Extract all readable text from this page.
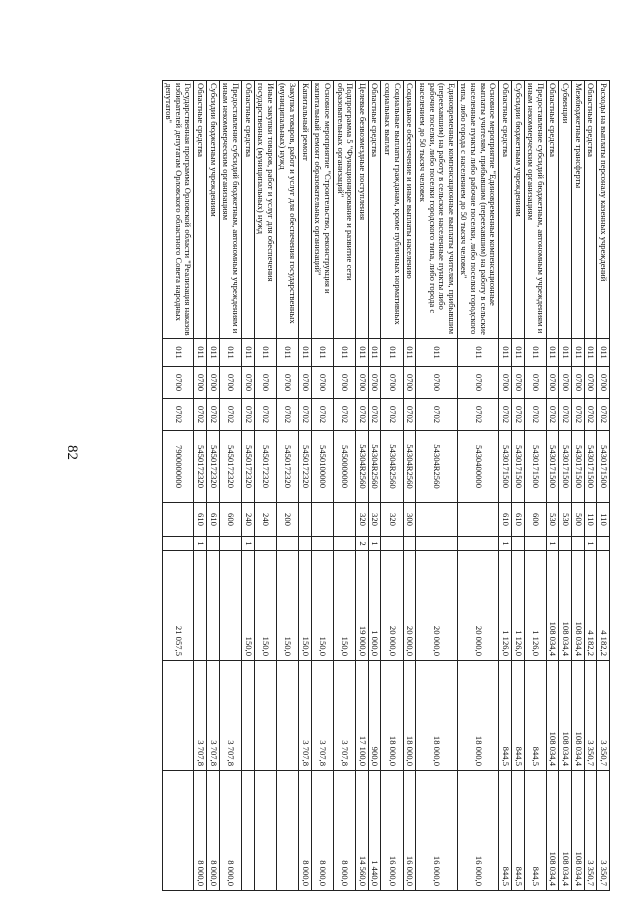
82
Расходы на выплаты персоналу казенных учреждений	011	0700	0702	5430171500	110		4 182,2	3 350,7	3 350,7
Областные средства	011	0700	0702	5430171500	110	1	4 182,2	3 350,7	3 350,7
Межбюджетные трансферты	011	0700	0702	5430171500	500		108 034,4	108 034,4	108 034,4
Субвенции	011	0700	0702	5430171500	530		108 034,4	108 034,4	108 034,4
Областные средства	011	0700	0702	5430171500	530	1	108 034,4	108 034,4	108 034,4
Предоставление субсидий бюджетным, автономным учреждениям и иным некоммерческим организациям	011	0700	0702	5430171500	600		1 126,0	844,5	844,5
Субсидии бюджетным учреждениям	011	0700	0702	5430171500	610		1 126,0	844,5	844,5
Областные средства	011	0700	0702	5430171500	610	1	1 126,0	844,5	844,5
Основное мероприятие "Единовременные компенсационные выплаты учителям, прибывшим (переехавшим) на работу в сельские населенные пункты либо рабочие поселки, либо поселки городского типа, либо города с населением до 50 тысяч человек"	011	0700	0702	5430400000			20 000,0	18 000,0	16 000,0
Единовременные компенсационные выплаты учителям, прибывшим (переехавшим) на работу в сельские населенные пункты либо рабочие поселки, либо поселки городского типа, либо города с населением до 50 тысяч человек	011	0700	0702	54304R2560			20 000,0	18 000,0	16 000,0
Социальное обеспечение и иные выплаты населению	011	0700	0702	54304R2560	300		20 000,0	18 000,0	16 000,0
Социальные выплаты гражданам, кроме публичных нормативных социальных выплат	011	0700	0702	54304R2560	320		20 000,0	18 000,0	16 000,0
Областные средства	011	0700	0702	54304R2560	320	1	1 000,0	900,0	1 440,0
Целевые безвозмездные поступления	011	0700	0702	54304R2560	320	2	19 000,0	17 100,0	14 560,0
Подпрограмма 5 "Функционирование и развитие сети образовательных организаций"	011	0700	0702	5450000000			150,0	3 707,8	8 000,0
Основное мероприятие "Строительство, реконструкция и капитальный ремонт образовательных организаций"	011	0700	0702	5450100000			150,0	3 707,8	8 000,0
Капитальный ремонт	011	0700	0702	5450172320			150,0	3 707,8	8 000,0
Закупка товаров, работ и услуг для обеспечения государственных (муниципальных) нужд	011	0700	0702	5450172320	200		150,0		
Иные закупки товаров, работ и услуг для обеспечения государственных (муниципальных) нужд	011	0700	0702	5450172320	240		150,0		
Областные средства	011	0700	0702	5450172320	240	1	150,0		
Предоставление субсидий бюджетным, автономным учреждениям и иным некоммерческим организациям	011	0700	0702	5450172320	600			3 707,8	8 000,0
Субсидии бюджетным учреждениям	011	0700	0702	5450172320	610			3 707,8	8 000,0
Областные средства	011	0700	0702	5450172320	610	1		3 707,8	8 000,0
Государственная программа Орловской области "Реализация наказов избирателей депутатам Орловского областного Совета народных депутатов"	011	0700	0702	7900000000			21 057,5		
